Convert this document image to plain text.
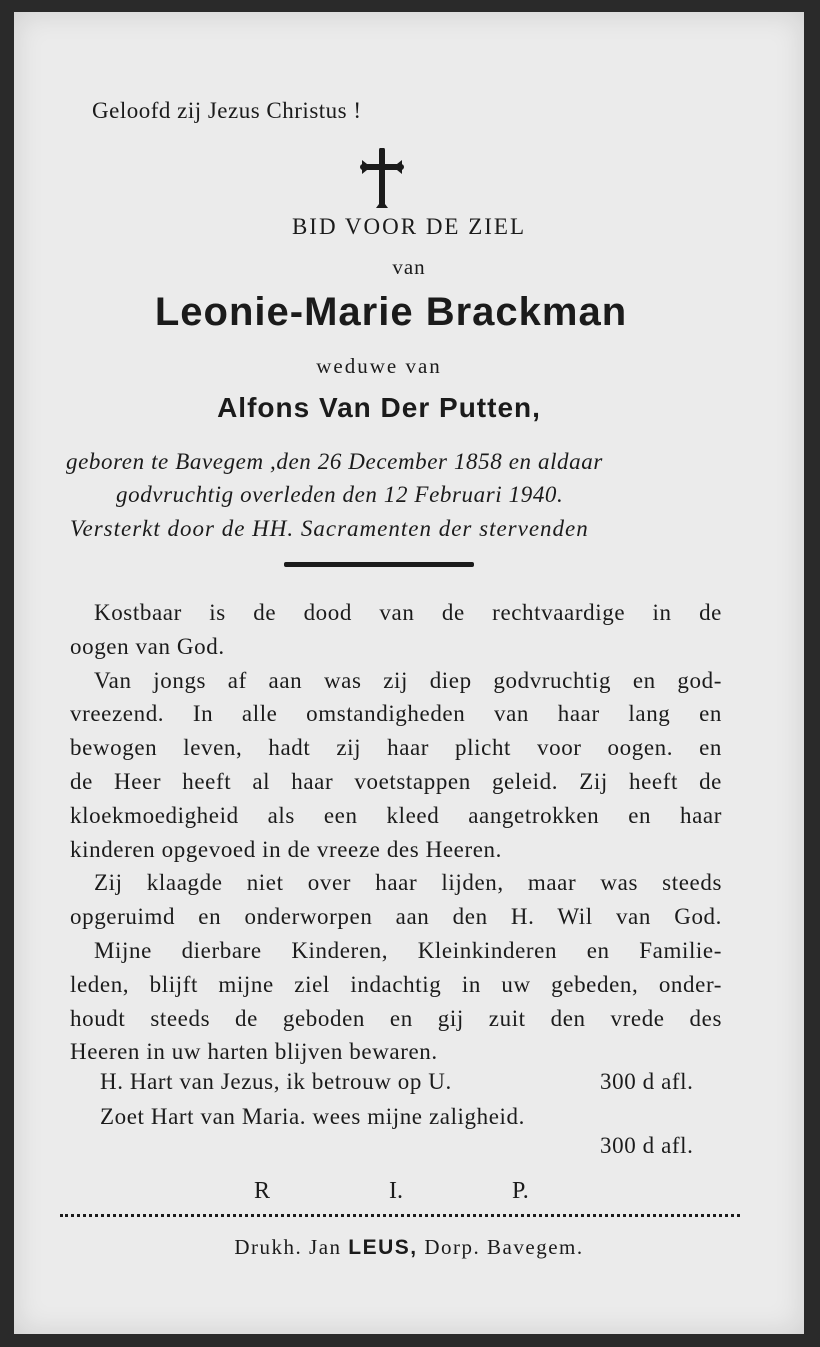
Geloofd zij Jezus Christus !
BID VOOR DE ZIEL
van
Leonie-Marie Brackman
weduwe van
Alfons Van Der Putten,
geboren te Bavegem ,den 26 December 1858 en aldaar
godvruchtig overleden den 12 Februari 1940.
Versterkt door de HH. Sacramenten der stervenden
Kostbaar is de dood van de rechtvaardige in de
oogen van God.
Van jongs af aan was zij diep godvruchtig en god-
vreezend. In alle omstandigheden van haar lang en
bewogen leven, hadt zij haar plicht voor oogen. en
de Heer heeft al haar voetstappen geleid. Zij heeft de
kloekmoedigheid als een kleed aangetrokken en haar
kinderen opgevoed in de vreeze des Heeren.
Zij klaagde niet over haar lijden, maar was steeds
opgeruimd en onderworpen aan den H. Wil van God.
Mijne dierbare Kinderen, Kleinkinderen en Familie-
leden, blijft mijne ziel indachtig in uw gebeden, onder-
houdt steeds de geboden en gij zuit den vrede des
Heeren in uw harten blijven bewaren.
H. Hart van Jezus, ik betrouw op U.	300 d afl.
Zoet Hart van Maria. wees mijne zaligheid.
300 d afl.
R	I.	P.
Drukh. Jan LEUS, Dorp. Bavegem.
